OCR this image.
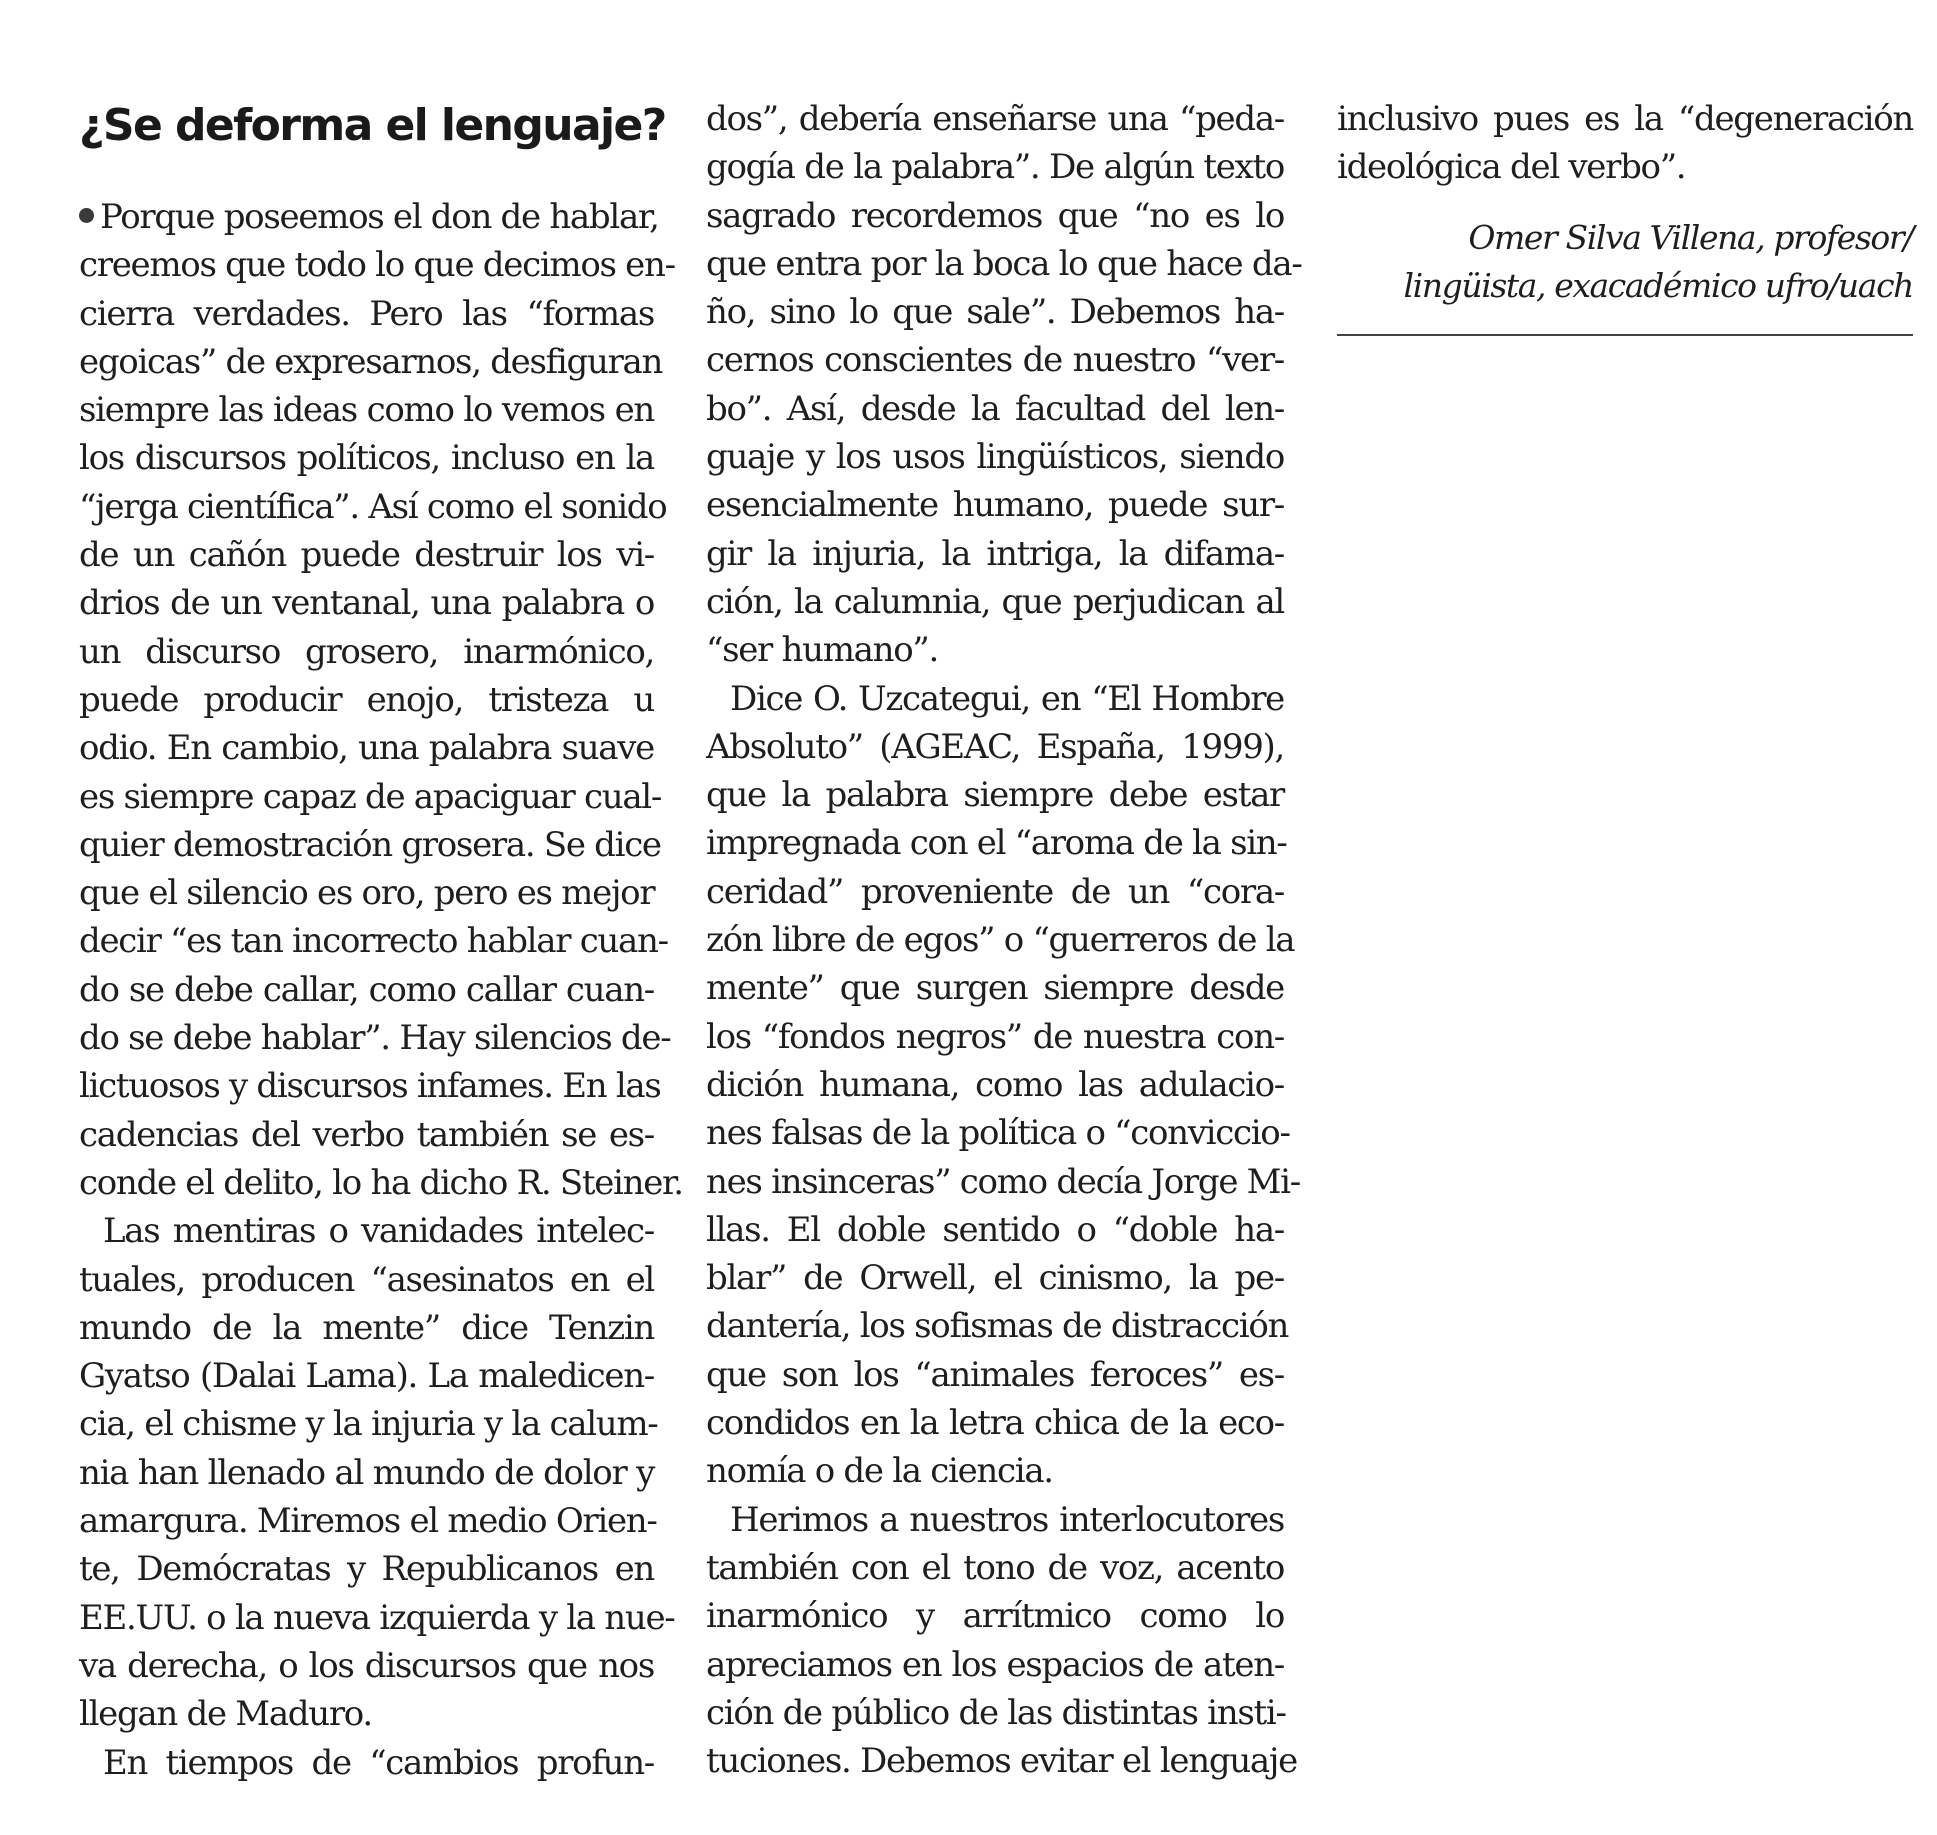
¿Se deforma el lenguaje?
Porque poseemos el don de hablar,
creemos que todo lo que decimos en-
cierra verdades. Pero las “formas
egoicas” de expresarnos, desfiguran
siempre las ideas como lo vemos en
los discursos políticos, incluso en la
“jerga científica”. Así como el sonido
de un cañón puede destruir los vi-
drios de un ventanal, una palabra o
un discurso grosero, inarmónico,
puede producir enojo, tristeza u
odio. En cambio, una palabra suave
es siempre capaz de apaciguar cual-
quier demostración grosera. Se dice
que el silencio es oro, pero es mejor
decir “es tan incorrecto hablar cuan-
do se debe callar, como callar cuan-
do se debe hablar”. Hay silencios de-
lictuosos y discursos infames. En las
cadencias del verbo también se es-
conde el delito, lo ha dicho R. Steiner.
Las mentiras o vanidades intelec-
tuales, producen “asesinatos en el
mundo de la mente” dice Tenzin
Gyatso (Dalai Lama). La maledicen-
cia, el chisme y la injuria y la calum-
nia han llenado al mundo de dolor y
amargura. Miremos el medio Orien-
te, Demócratas y Republicanos en
EE.UU. o la nueva izquierda y la nue-
va derecha, o los discursos que nos
llegan de Maduro.
En tiempos de “cambios profun-
dos”, debería enseñarse una “peda-
gogía de la palabra”. De algún texto
sagrado recordemos que “no es lo
que entra por la boca lo que hace da-
ño, sino lo que sale”. Debemos ha-
cernos conscientes de nuestro “ver-
bo”. Así, desde la facultad del len-
guaje y los usos lingüísticos, siendo
esencialmente humano, puede sur-
gir la injuria, la intriga, la difama-
ción, la calumnia, que perjudican al
“ser humano”.
Dice O. Uzcategui, en “El Hombre
Absoluto” (AGEAC, España, 1999),
que la palabra siempre debe estar
impregnada con el “aroma de la sin-
ceridad” proveniente de un “cora-
zón libre de egos” o “guerreros de la
mente” que surgen siempre desde
los “fondos negros” de nuestra con-
dición humana, como las adulacio-
nes falsas de la política o “conviccio-
nes insinceras” como decía Jorge Mi-
llas. El doble sentido o “doble ha-
blar” de Orwell, el cinismo, la pe-
dantería, los sofismas de distracción
que son los “animales feroces” es-
condidos en la letra chica de la eco-
nomía o de la ciencia.
Herimos a nuestros interlocutores
también con el tono de voz, acento
inarmónico y arrítmico como lo
apreciamos en los espacios de aten-
ción de público de las distintas insti-
tuciones. Debemos evitar el lenguaje
inclusivo pues es la “degeneración
ideológica del verbo”.
Omer Silva Villena, profesor/
lingüista, exacadémico ufro/uach
